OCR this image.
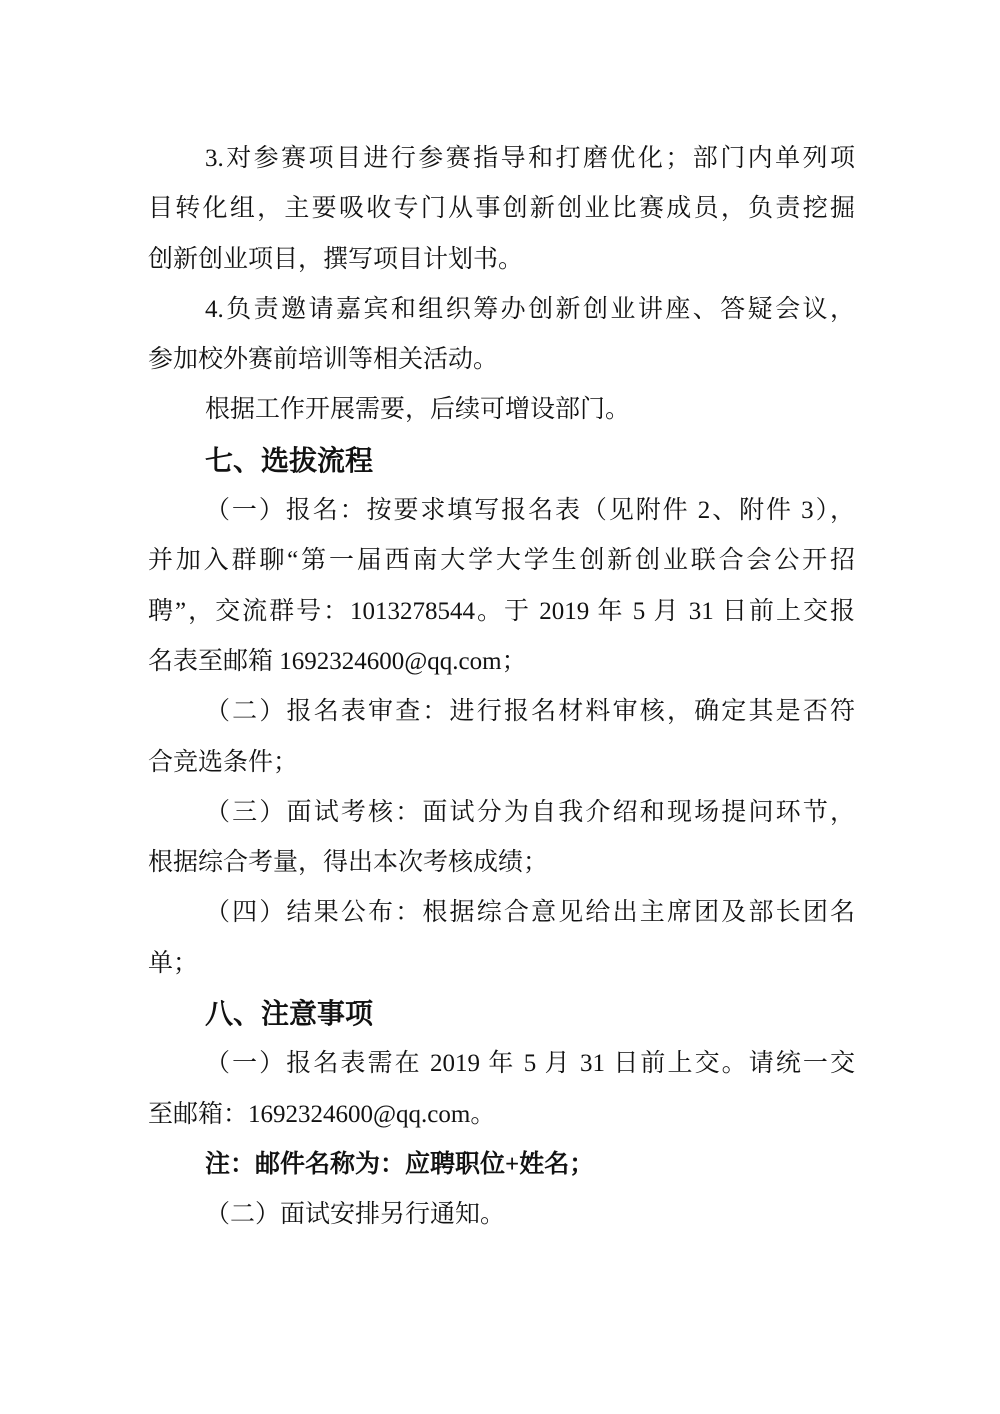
3.对参赛项目进行参赛指导和打磨优化；部门内单列项
目转化组，主要吸收专门从事创新创业比赛成员，负责挖掘
创新创业项目，撰写项目计划书。
4.负责邀请嘉宾和组织筹办创新创业讲座、答疑会议，
参加校外赛前培训等相关活动。
根据工作开展需要，后续可增设部门。
七、选拔流程
（一）报名：按要求填写报名表（见附件 2、附件 3），
并加入群聊“第一届西南大学大学生创新创业联合会公开招
聘”，交流群号：1013278544。于 2019 年 5 月 31 日前上交报
名表至邮箱 1692324600@qq.com；
（二）报名表审查：进行报名材料审核，确定其是否符
合竞选条件；
（三）面试考核：面试分为自我介绍和现场提问环节，
根据综合考量，得出本次考核成绩；
（四）结果公布：根据综合意见给出主席团及部长团名
单；
八、注意事项
（一）报名表需在 2019 年 5 月 31 日前上交。请统一交
至邮箱：1692324600@qq.com。
注：邮件名称为：应聘职位+姓名；
（二）面试安排另行通知。
